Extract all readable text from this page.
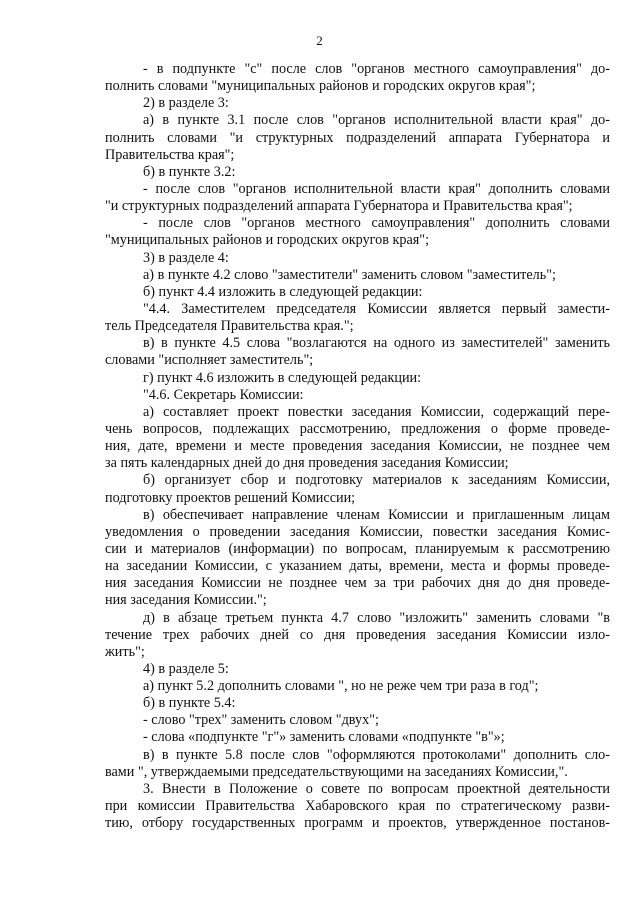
2
- в подпункте "с" после слов "органов местного самоуправления" до-
полнить словами "муниципальных районов и городских округов края";
2) в разделе 3:
а) в пункте 3.1 после слов "органов исполнительной власти края" до-
полнить словами "и структурных подразделений аппарата Губернатора и
Правительства края";
б) в пункте 3.2:
- после слов "органов исполнительной власти края" дополнить словами
"и структурных подразделений аппарата Губернатора и Правительства края";
- после слов "органов местного самоуправления" дополнить словами
"муниципальных районов и городских округов края";
3) в разделе 4:
а) в пункте 4.2 слово "заместители" заменить словом "заместитель";
б) пункт 4.4 изложить в следующей редакции:
"4.4. Заместителем председателя Комиссии является первый замести-
тель Председателя Правительства края.";
в) в пункте 4.5 слова "возлагаются на одного из заместителей" заменить
словами "исполняет заместитель";
г) пункт 4.6 изложить в следующей редакции:
"4.6. Секретарь Комиссии:
а) составляет проект повестки заседания Комиссии, содержащий пере-
чень вопросов, подлежащих рассмотрению, предложения о форме проведе-
ния, дате, времени и месте проведения заседания Комиссии, не позднее чем
за пять календарных дней до дня проведения заседания Комиссии;
б) организует сбор и подготовку материалов к заседаниям Комиссии,
подготовку проектов решений Комиссии;
в) обеспечивает направление членам Комиссии и приглашенным лицам
уведомления о проведении заседания Комиссии, повестки заседания Комис-
сии и материалов (информации) по вопросам, планируемым к рассмотрению
на заседании Комиссии, с указанием даты, времени, места и формы проведе-
ния заседания Комиссии не позднее чем за три рабочих дня до дня проведе-
ния заседания Комиссии.";
д) в абзаце третьем пункта 4.7 слово "изложить" заменить словами "в
течение трех рабочих дней со дня проведения заседания Комиссии изло-
жить";
4) в разделе 5:
а) пункт 5.2 дополнить словами ", но не реже чем три раза в год";
б) в пункте 5.4:
- слово "трех" заменить словом "двух";
- слова «подпункте "г"» заменить словами «подпункте "в"»;
в) в пункте 5.8 после слов "оформляются протоколами" дополнить сло-
вами ", утверждаемыми председательствующими на заседаниях Комиссии,".
3. Внести в Положение о совете по вопросам проектной деятельности
при комиссии Правительства Хабаровского края по стратегическому разви-
тию, отбору государственных программ и проектов, утвержденное постанов-
